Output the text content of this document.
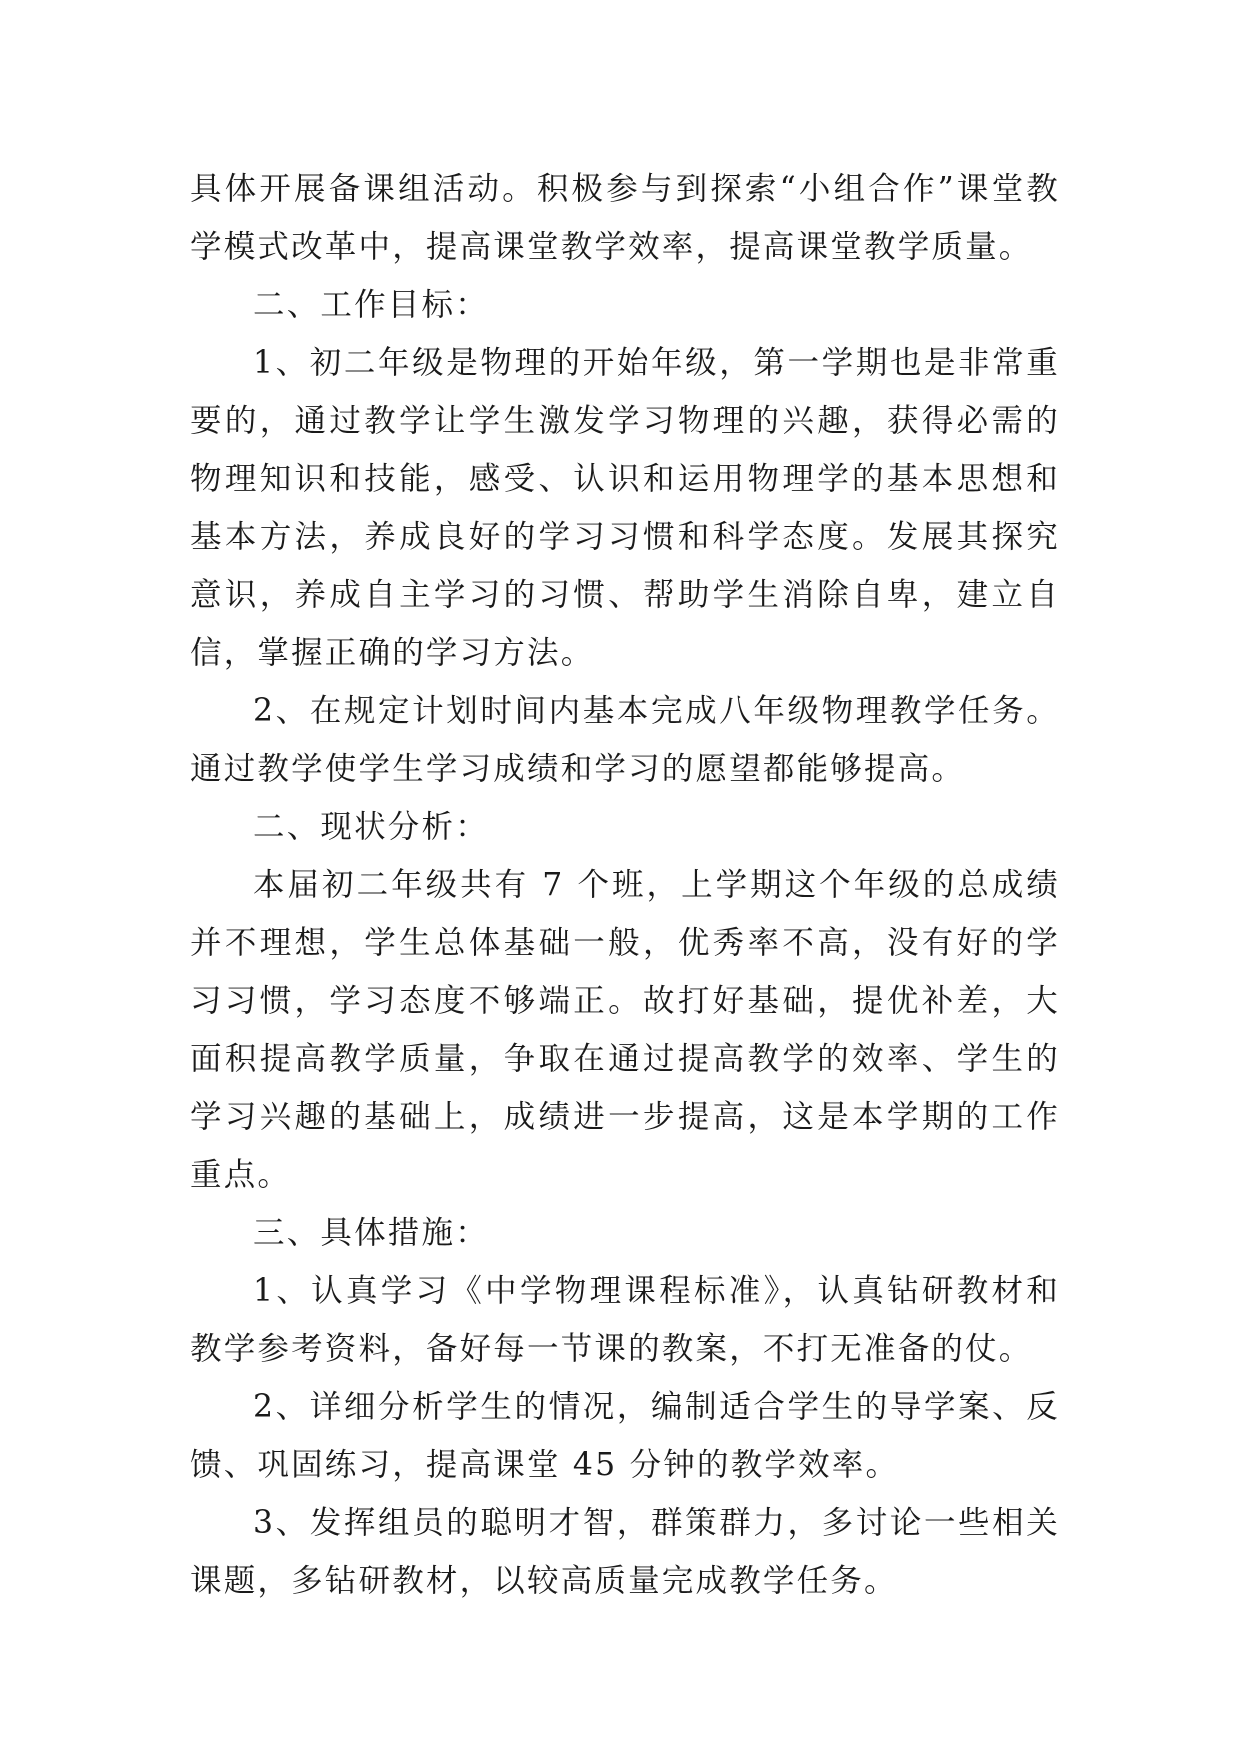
具体开展备课组活动。积极参与到探索“小组合作”课堂教学模式改革中，提高课堂教学效率，提高课堂教学质量。

二、工作目标：

1、初二年级是物理的开始年级，第一学期也是非常重要的，通过教学让学生激发学习物理的兴趣，获得必需的物理知识和技能，感受、认识和运用物理学的基本思想和基本方法，养成良好的学习习惯和科学态度。发展其探究意识，养成自主学习的习惯、帮助学生消除自卑，建立自信，掌握正确的学习方法。

2、在规定计划时间内基本完成八年级物理教学任务。通过教学使学生学习成绩和学习的愿望都能够提高。

二、现状分析：

本届初二年级共有 7 个班，上学期这个年级的总成绩并不理想，学生总体基础一般，优秀率不高，没有好的学习习惯，学习态度不够端正。故打好基础，提优补差，大面积提高教学质量，争取在通过提高教学的效率、学生的学习兴趣的基础上，成绩进一步提高，这是本学期的工作重点。

三、具体措施：

1、认真学习《中学物理课程标准》，认真钻研教材和教学参考资料，备好每一节课的教案，不打无准备的仗。

2、详细分析学生的情况，编制适合学生的导学案、反馈、巩固练习，提高课堂 45 分钟的教学效率。

3、发挥组员的聪明才智，群策群力，多讨论一些相关课题，多钻研教材，以较高质量完成教学任务。
